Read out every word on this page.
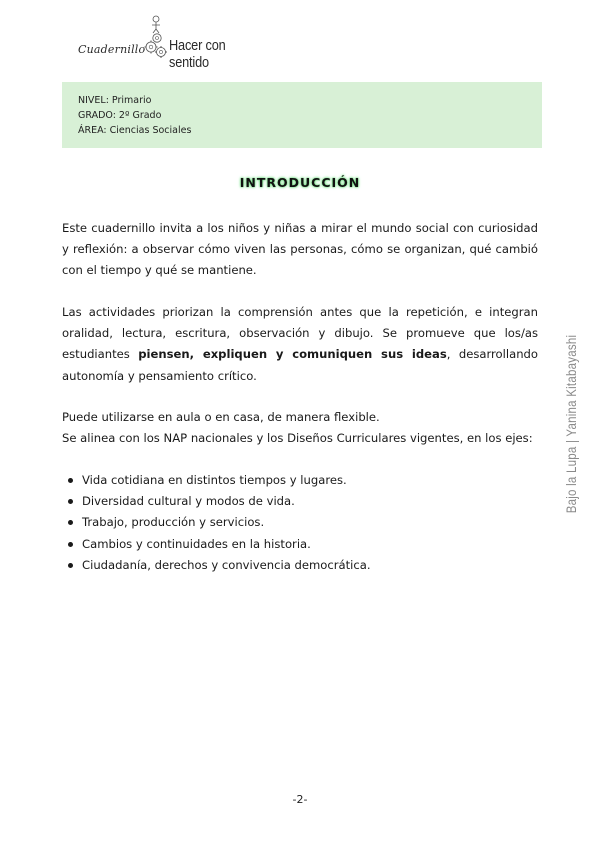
Cuadernillo Hacer con sentido
NIVEL: Primario
GRADO: 2º Grado
ÁREA: Ciencias Sociales
INTRODUCCIÓN
Este cuadernillo invita a los niños y niñas a mirar el mundo social con curiosidad y reflexión: a observar cómo viven las personas, cómo se organizan, qué cambió con el tiempo y qué se mantiene.
Las actividades priorizan la comprensión antes que la repetición, e integran oralidad, lectura, escritura, observación y dibujo. Se promueve que los/as estudiantes piensen, expliquen y comuniquen sus ideas, desarrollando autonomía y pensamiento crítico.
Puede utilizarse en aula o en casa, de manera flexible.
Se alinea con los NAP nacionales y los Diseños Curriculares vigentes, en los ejes:
Vida cotidiana en distintos tiempos y lugares.
Diversidad cultural y modos de vida.
Trabajo, producción y servicios.
Cambios y continuidades en la historia.
Ciudadanía, derechos y convivencia democrática.
Bajo la Lupa | Yanina Kitabayashi
-2-
